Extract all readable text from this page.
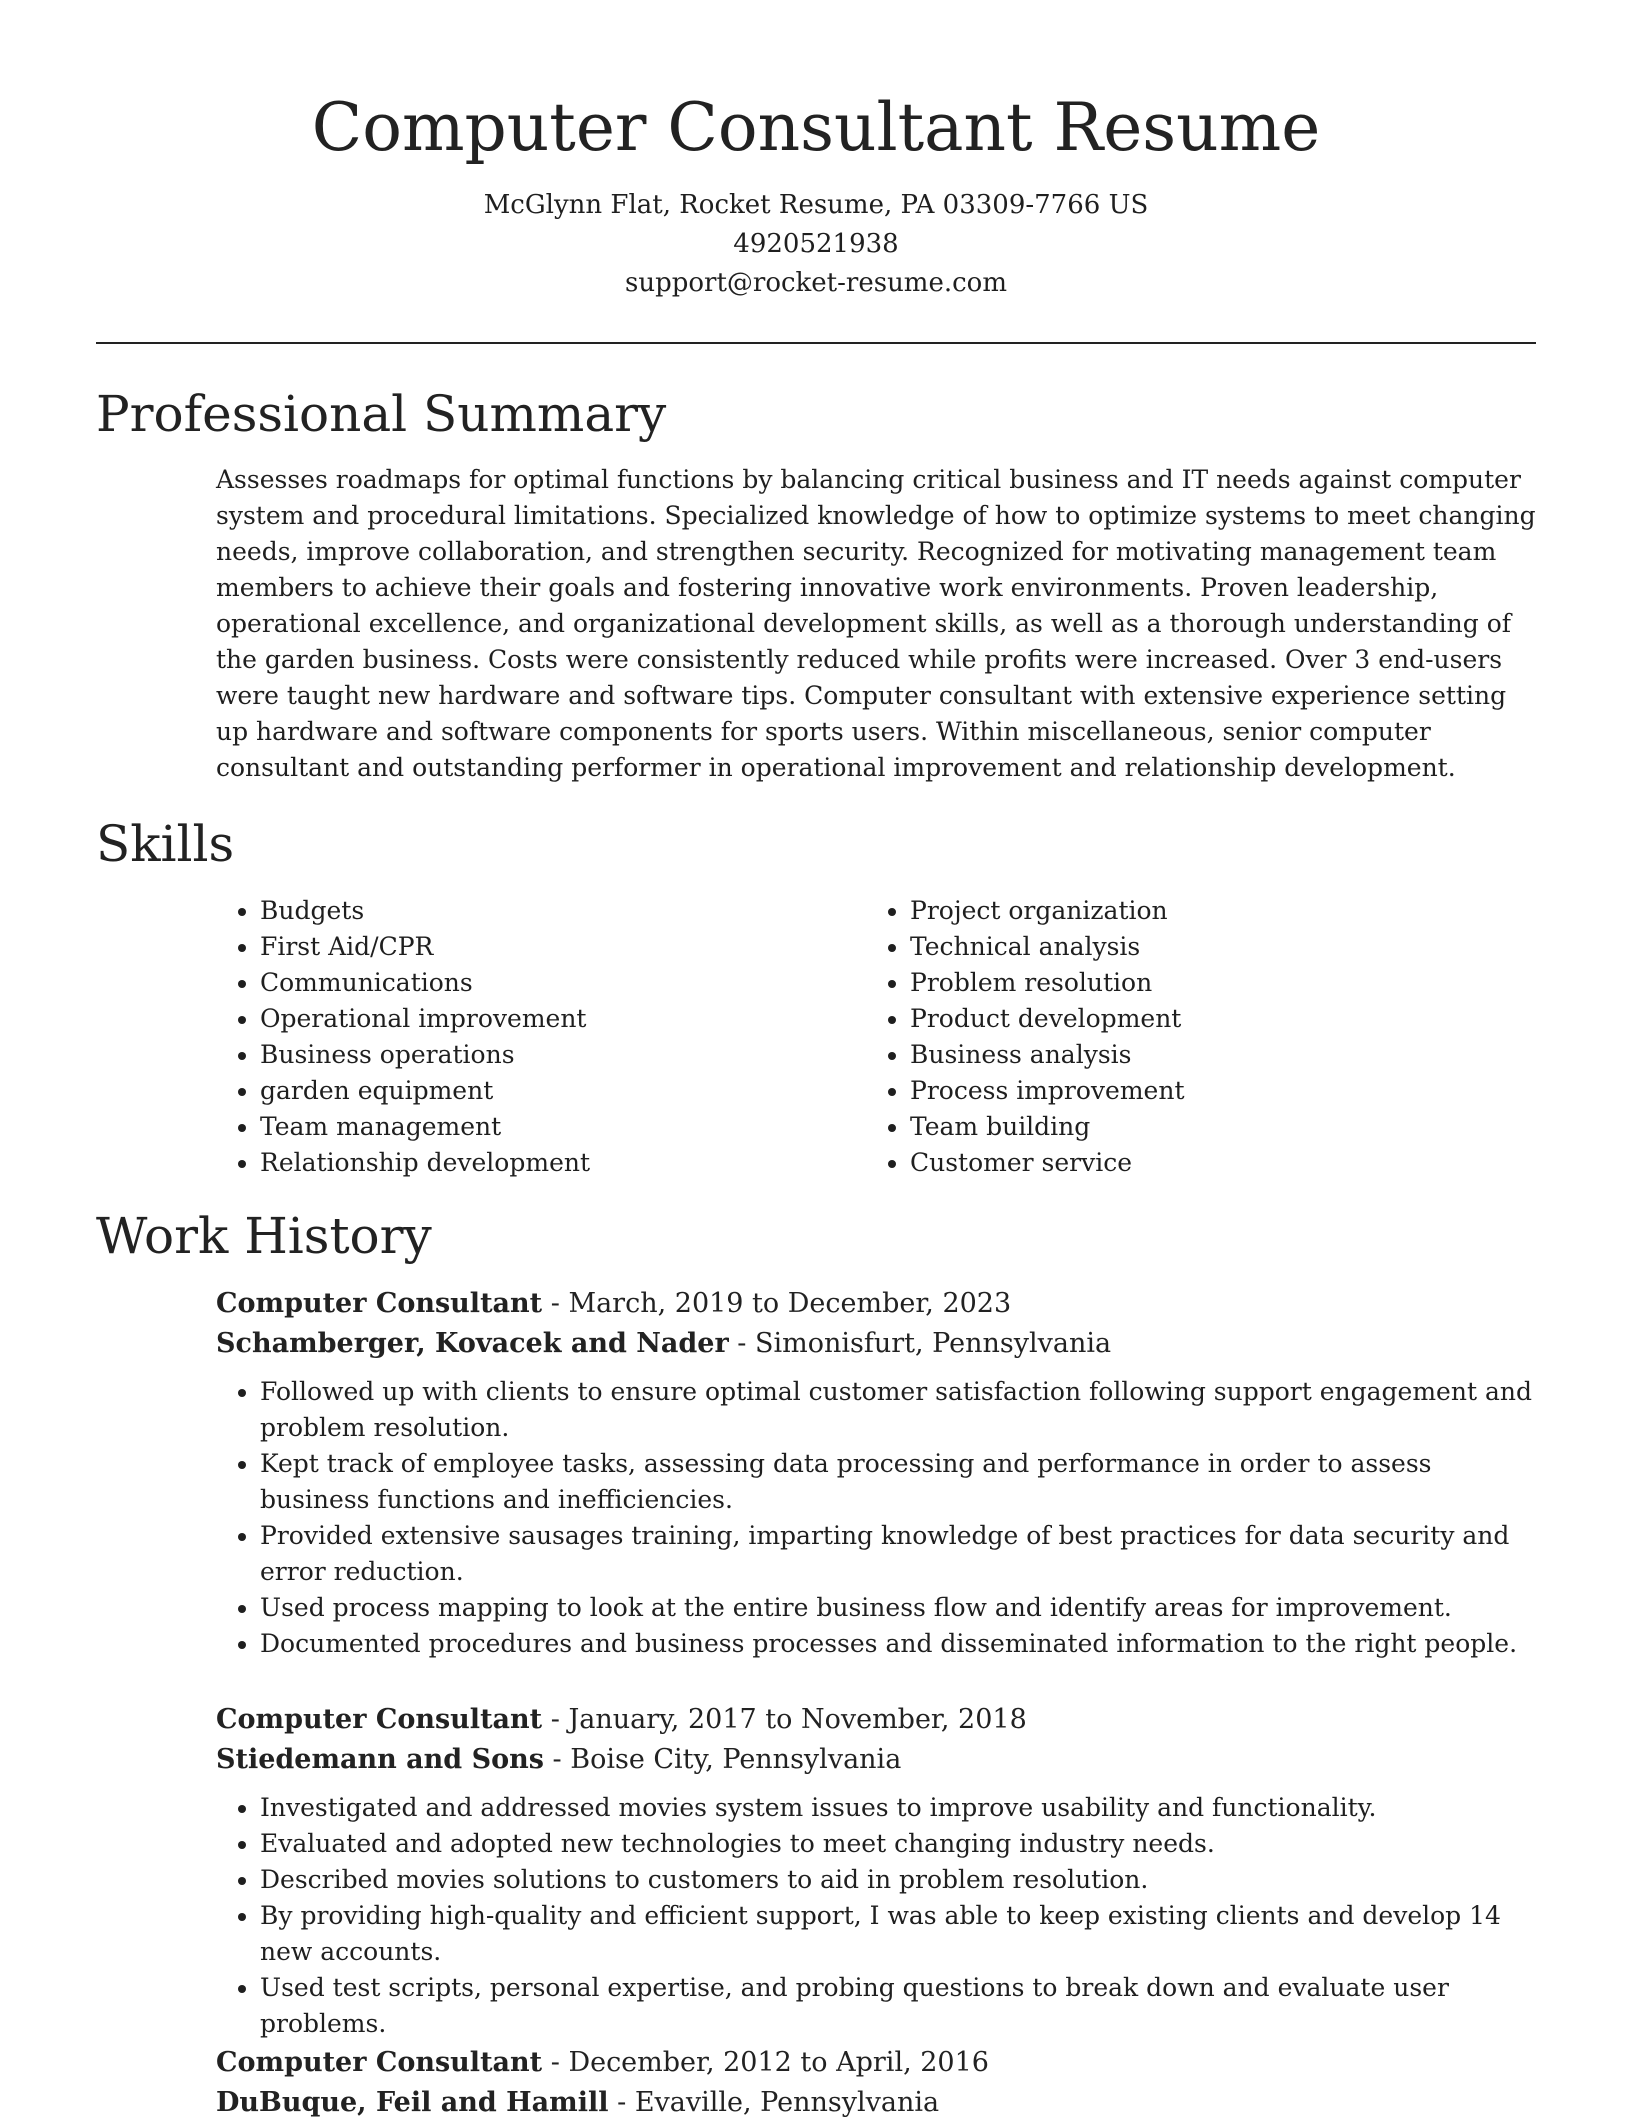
Computer Consultant Resume
McGlynn Flat, Rocket Resume, PA 03309-7766 US
4920521938
support@rocket-resume.com
Professional Summary

Assesses roadmaps for optimal functions by balancing critical business and IT needs against computer system and procedural limitations. Specialized knowledge of how to optimize systems to meet changing needs, improve collaboration, and strengthen security. Recognized for motivating management team members to achieve their goals and fostering innovative work environments. Proven leadership, operational excellence, and organizational development skills, as well as a thorough understanding of the garden business. Costs were consistently reduced while profits were increased. Over 3 end-users were taught new hardware and software tips. Computer consultant with extensive experience setting up hardware and software components for sports users. Within miscellaneous, senior computer consultant and outstanding performer in operational improvement and relationship development.

Skills
• Budgets
• First Aid/CPR
• Communications
• Operational improvement
• Business operations
• garden equipment
• Team management
• Relationship development
• Project organization
• Technical analysis
• Problem resolution
• Product development
• Business analysis
• Process improvement
• Team building
• Customer service
Work History
Computer Consultant - March, 2019 to December, 2023
Schamberger, Kovacek and Nader - Simonisfurt, Pennsylvania
• Followed up with clients to ensure optimal customer satisfaction following support engagement and problem resolution.
• Kept track of employee tasks, assessing data processing and performance in order to assess business functions and inefficiencies.
• Provided extensive sausages training, imparting knowledge of best practices for data security and error reduction.
• Used process mapping to look at the entire business flow and identify areas for improvement.
• Documented procedures and business processes and disseminated information to the right people.
Computer Consultant - January, 2017 to November, 2018
Stiedemann and Sons - Boise City, Pennsylvania
• Investigated and addressed movies system issues to improve usability and functionality.
• Evaluated and adopted new technologies to meet changing industry needs.
• Described movies solutions to customers to aid in problem resolution.
• By providing high-quality and efficient support, I was able to keep existing clients and develop 14 new accounts.
• Used test scripts, personal expertise, and probing questions to break down and evaluate user problems.
Computer Consultant - December, 2012 to April, 2016
DuBuque, Feil and Hamill - Evaville, Pennsylvania
